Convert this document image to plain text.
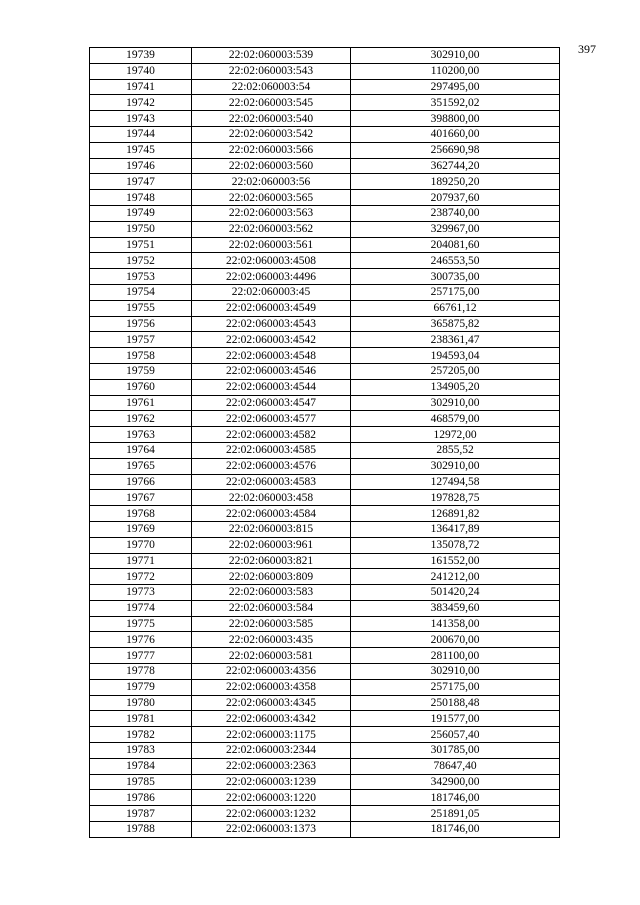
397
19739	22:02:060003:539	302910,00
19740	22:02:060003:543	110200,00
19741	22:02:060003:54	297495,00
19742	22:02:060003:545	351592,02
19743	22:02:060003:540	398800,00
19744	22:02:060003:542	401660,00
19745	22:02:060003:566	256690,98
19746	22:02:060003:560	362744,20
19747	22:02:060003:56	189250,20
19748	22:02:060003:565	207937,60
19749	22:02:060003:563	238740,00
19750	22:02:060003:562	329967,00
19751	22:02:060003:561	204081,60
19752	22:02:060003:4508	246553,50
19753	22:02:060003:4496	300735,00
19754	22:02:060003:45	257175,00
19755	22:02:060003:4549	66761,12
19756	22:02:060003:4543	365875,82
19757	22:02:060003:4542	238361,47
19758	22:02:060003:4548	194593,04
19759	22:02:060003:4546	257205,00
19760	22:02:060003:4544	134905,20
19761	22:02:060003:4547	302910,00
19762	22:02:060003:4577	468579,00
19763	22:02:060003:4582	12972,00
19764	22:02:060003:4585	2855,52
19765	22:02:060003:4576	302910,00
19766	22:02:060003:4583	127494,58
19767	22:02:060003:458	197828,75
19768	22:02:060003:4584	126891,82
19769	22:02:060003:815	136417,89
19770	22:02:060003:961	135078,72
19771	22:02:060003:821	161552,00
19772	22:02:060003:809	241212,00
19773	22:02:060003:583	501420,24
19774	22:02:060003:584	383459,60
19775	22:02:060003:585	141358,00
19776	22:02:060003:435	200670,00
19777	22:02:060003:581	281100,00
19778	22:02:060003:4356	302910,00
19779	22:02:060003:4358	257175,00
19780	22:02:060003:4345	250188,48
19781	22:02:060003:4342	191577,00
19782	22:02:060003:1175	256057,40
19783	22:02:060003:2344	301785,00
19784	22:02:060003:2363	78647,40
19785	22:02:060003:1239	342900,00
19786	22:02:060003:1220	181746,00
19787	22:02:060003:1232	251891,05
19788	22:02:060003:1373	181746,00
